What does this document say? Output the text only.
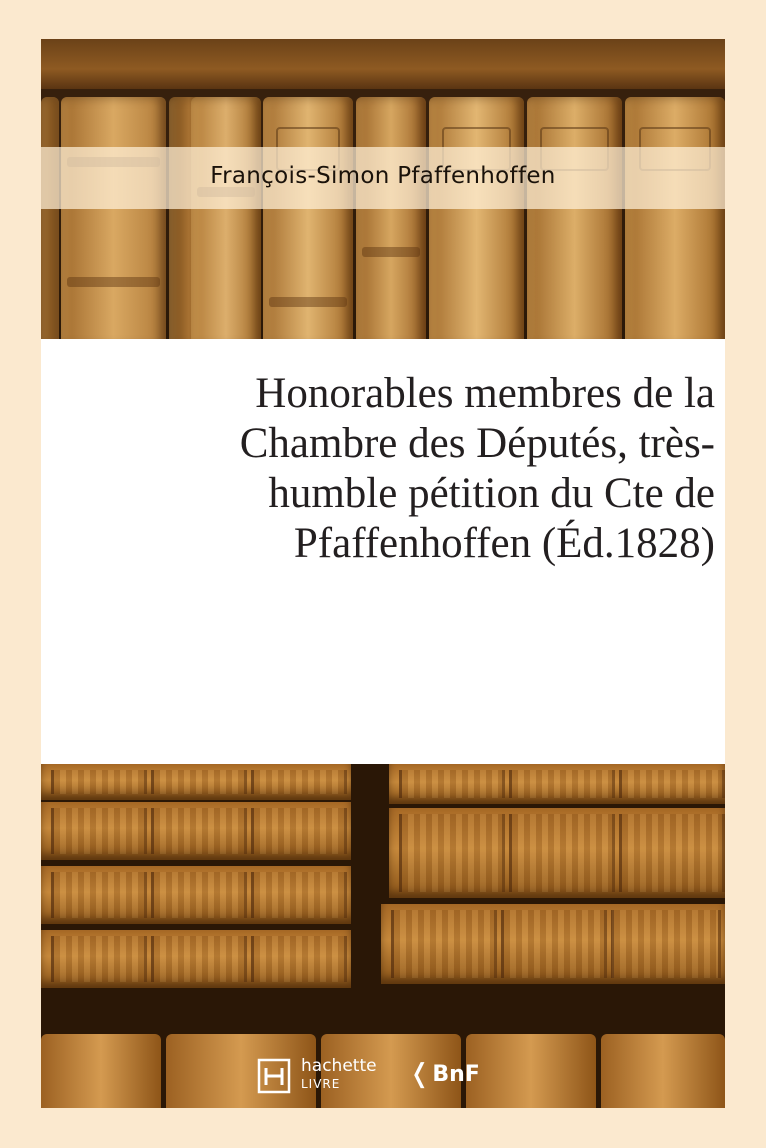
François-Simon Pfaffenhoffen
Honorables membres de la
Chambre des Députés, très-
humble pétition du Cte de
Pfaffenhoffen (Éd.1828)
hachette
LIVRE	❬ BnF
